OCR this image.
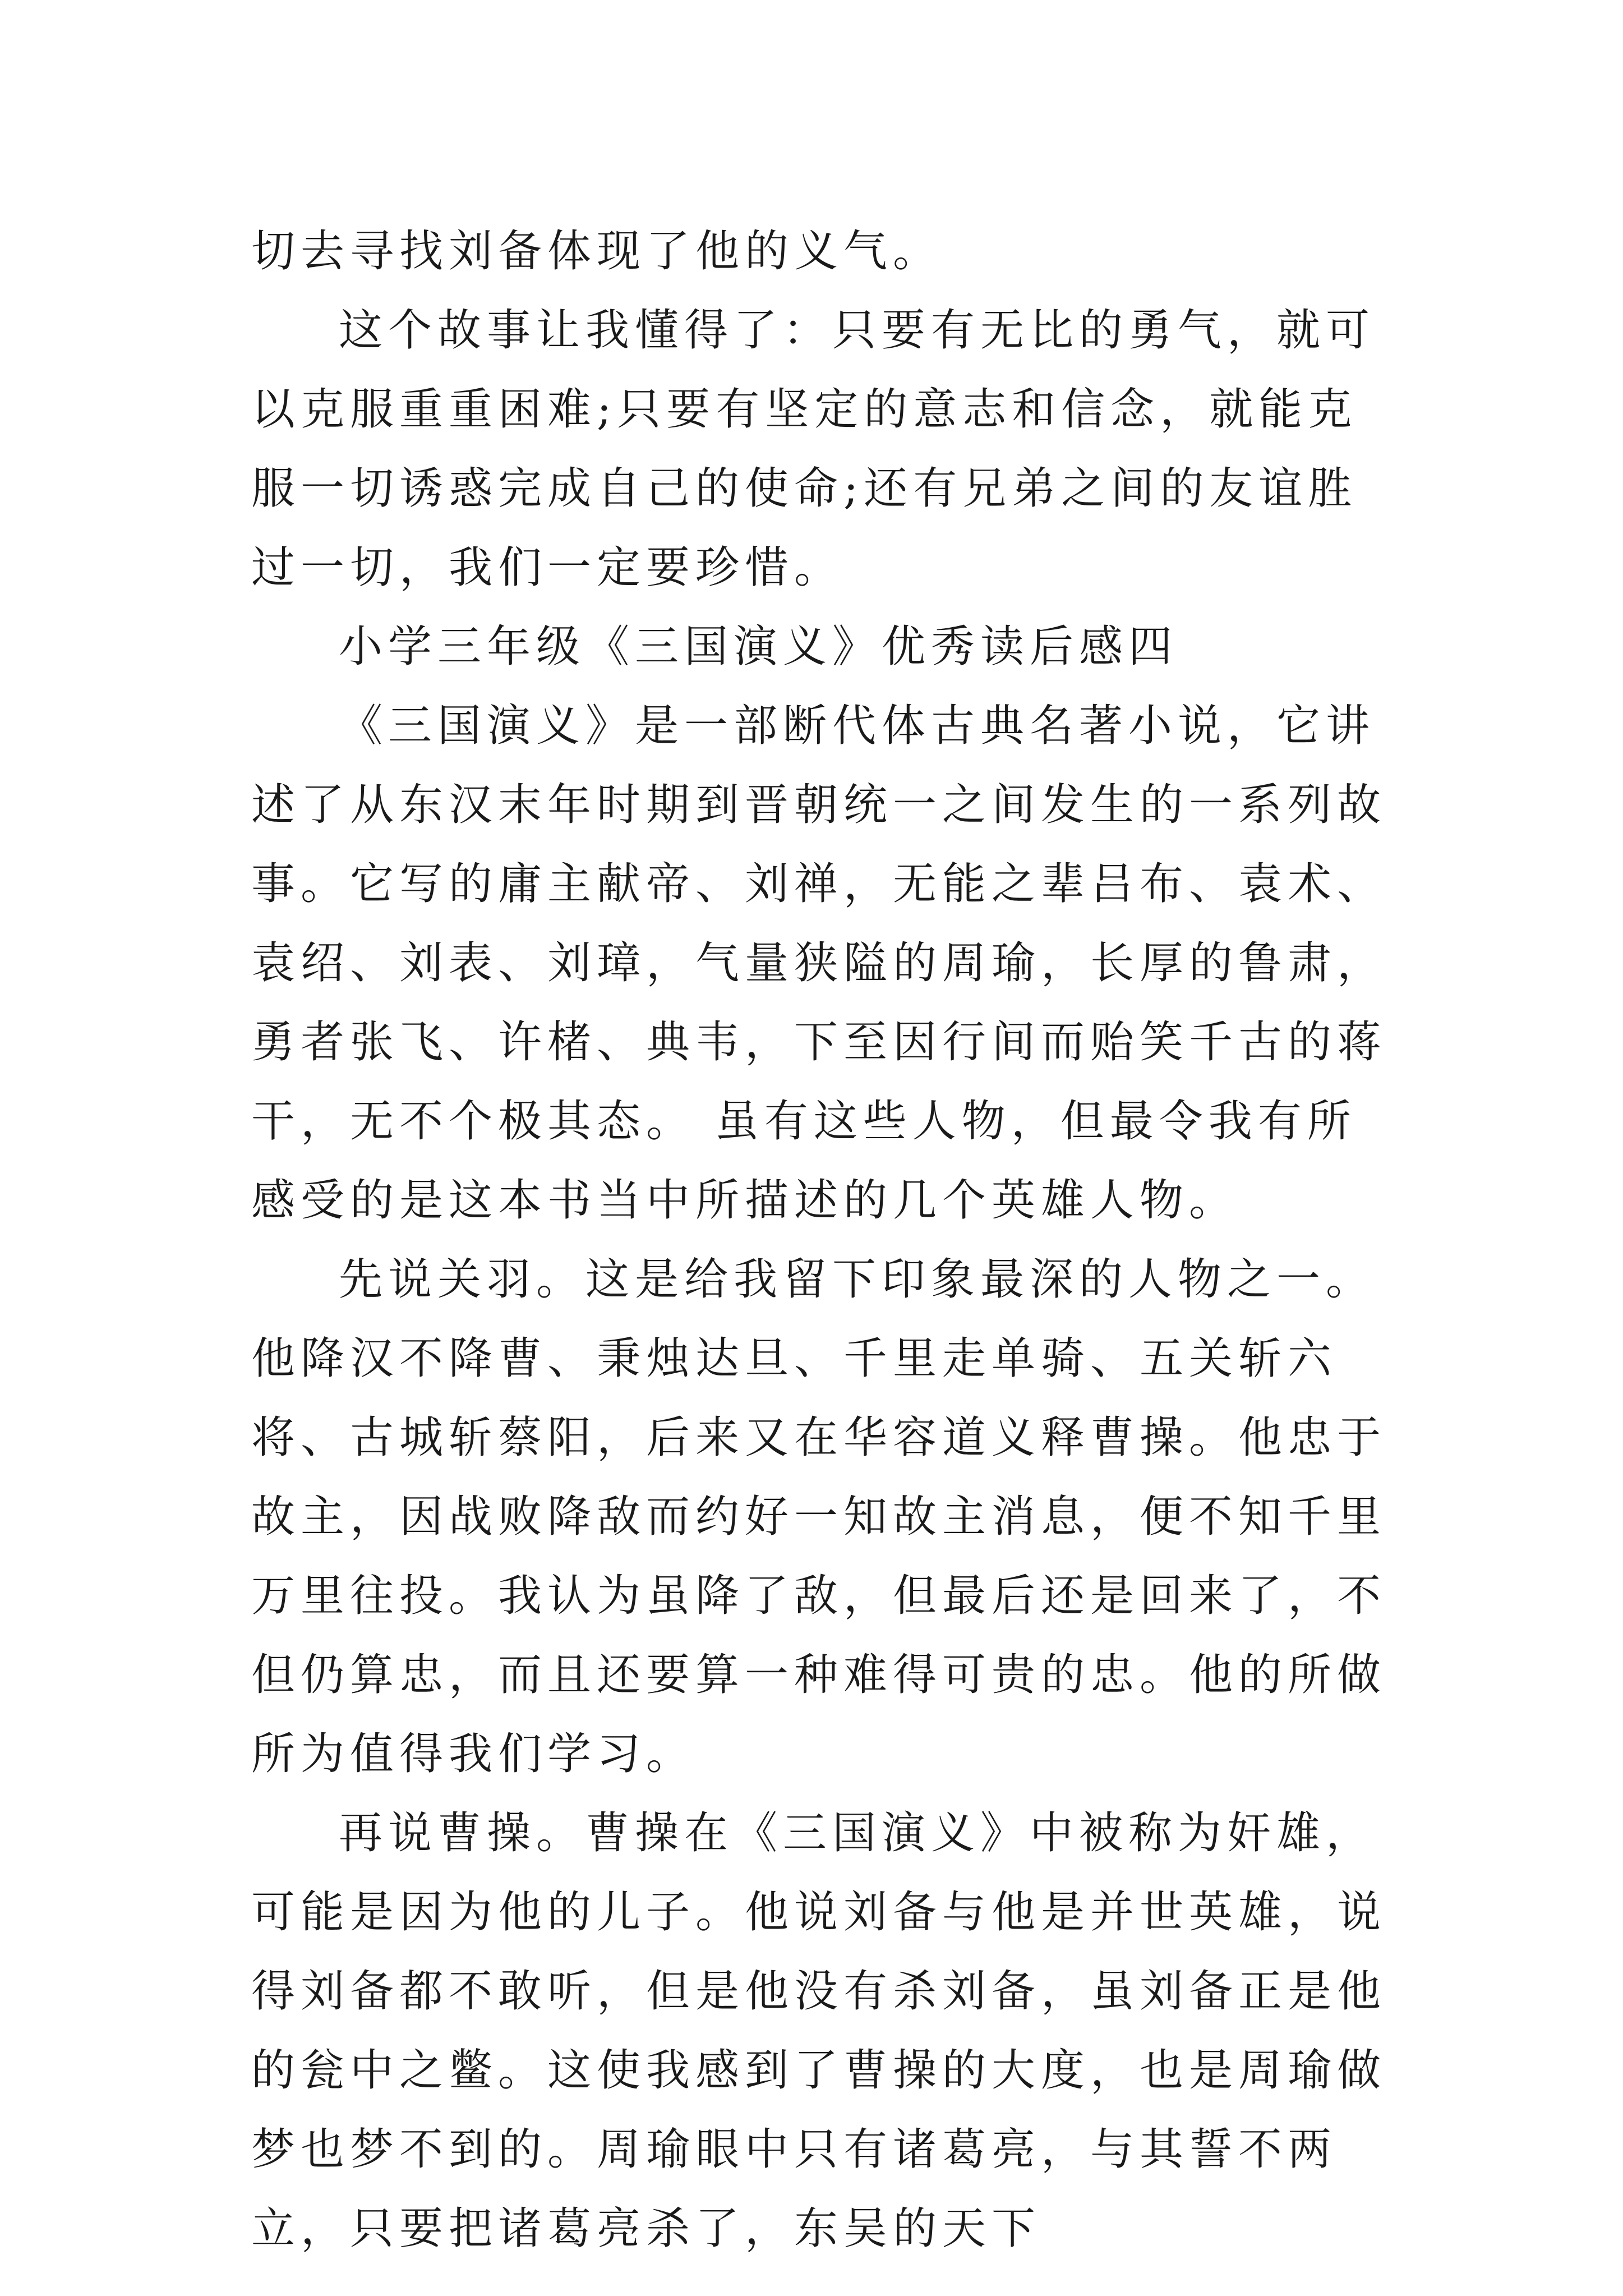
切去寻找刘备体现了他的义气。

这个故事让我懂得了：只要有无比的勇气，就可以克服重重困难;只要有坚定的意志和信念，就能克服一切诱惑完成自己的使命;还有兄弟之间的友谊胜过一切，我们一定要珍惜。

小学三年级《三国演义》优秀读后感四

《三国演义》是一部断代体古典名著小说，它讲述了从东汉末年时期到晋朝统一之间发生的一系列故事。它写的庸主献帝、刘禅，无能之辈吕布、袁术、袁绍、刘表、刘璋，气量狭隘的周瑜，长厚的鲁肃，勇者张飞、许楮、典韦，下至因行间而贻笑千古的蒋干，无不个极其态。 虽有这些人物，但最令我有所感受的是这本书当中所描述的几个英雄人物。

先说关羽。这是给我留下印象最深的人物之一。他降汉不降曹、秉烛达旦、千里走单骑、五关斩六将、古城斩蔡阳，后来又在华容道义释曹操。他忠于故主，因战败降敌而约好一知故主消息，便不知千里万里往投。我认为虽降了敌，但最后还是回来了，不但仍算忠，而且还要算一种难得可贵的忠。他的所做所为值得我们学习。

再说曹操。曹操在《三国演义》中被称为奸雄，可能是因为他的儿子。他说刘备与他是并世英雄，说得刘备都不敢听，但是他没有杀刘备，虽刘备正是他的瓮中之鳖。这使我感到了曹操的大度，也是周瑜做梦也梦不到的。周瑜眼中只有诸葛亮，与其誓不两立，只要把诸葛亮杀了，东吴的天下
